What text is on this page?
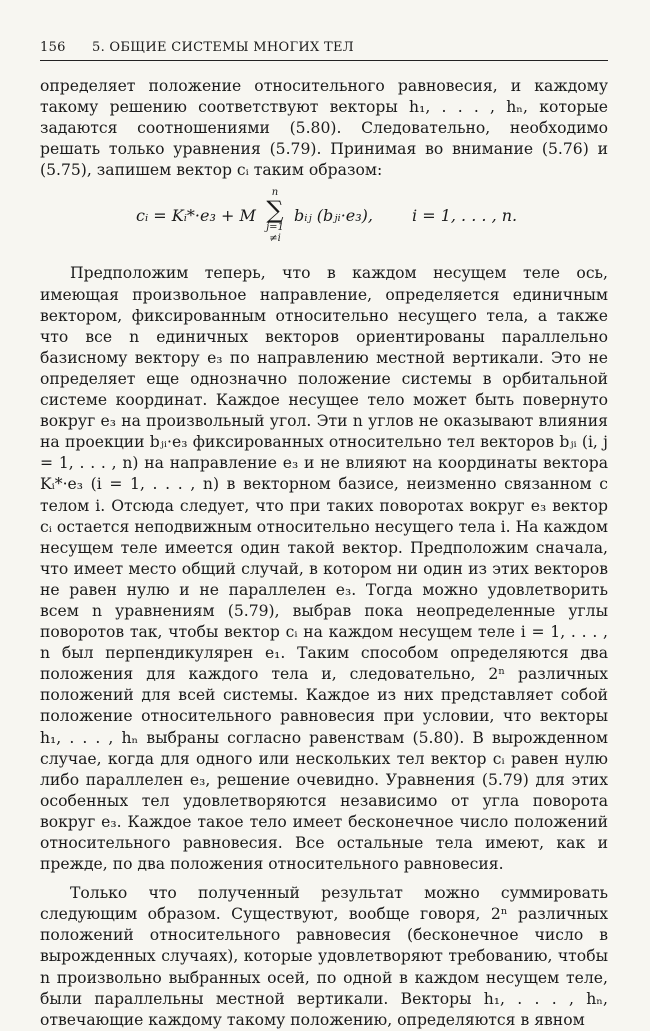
156 5. ОБЩИЕ СИСТЕМЫ МНОГИХ ТЕЛ

определяет положение относительного равновесия, и каждому такому решению соответствуют векторы h₁, . . . , hₙ, которые задаются соотношениями (5.80). Следовательно, необходимо решать только уравнения (5.79). Принимая во внимание (5.76) и (5.75), запишем вектор cᵢ таким образом:

cᵢ = Kᵢ*·e₃ + M
n
∑
j=1
≠i
bᵢⱼ (bⱼᵢ·e₃), i = 1, . . . , n.

Предположим теперь, что в каждом несущем теле ось, имеющая произвольное направление, определяется единичным вектором, фиксированным относительно несущего тела, а также что все n единичных векторов ориентированы параллельно базисному вектору e₃ по направлению местной вертикали. Это не определяет еще однозначно положение системы в орбитальной системе координат. Каждое несущее тело может быть повернуто вокруг e₃ на произвольный угол. Эти n углов не оказывают влияния на проекции bⱼᵢ·e₃ фиксированных относительно тел векторов bⱼᵢ (i, j = 1, . . . , n) на направление e₃ и не влияют на координаты вектора Kᵢ*·e₃ (i = 1, . . . , n) в векторном базисе, неизменно связанном с телом i. Отсюда следует, что при таких поворотах вокруг e₃ вектор cᵢ остается неподвижным относительно несущего тела i. На каждом несущем теле имеется один такой вектор. Предположим сначала, что имеет место общий случай, в котором ни один из этих векторов не равен нулю и не параллелен e₃. Тогда можно удовлетворить всем n уравнениям (5.79), выбрав пока неопределенные углы поворотов так, чтобы вектор cᵢ на каждом несущем теле i = 1, . . . , n был перпендикулярен e₁. Таким способом определяются два положения для каждого тела и, следовательно, 2ⁿ различных положений для всей системы. Каждое из них представляет собой положение относительного равновесия при условии, что векторы h₁, . . . , hₙ выбраны согласно равенствам (5.80). В вырожденном случае, когда для одного или нескольких тел вектор cᵢ равен нулю либо параллелен e₃, решение очевидно. Уравнения (5.79) для этих особенных тел удовлетворяются независимо от угла поворота вокруг e₃. Каждое такое тело имеет бесконечное число положений относительного равновесия. Все остальные тела имеют, как и прежде, по два положения относительного равновесия.

Только что полученный результат можно суммировать следующим образом. Существуют, вообще говоря, 2ⁿ различных положений относительного равновесия (бесконечное число в вырожденных случаях), которые удовлетворяют требованию, чтобы n произвольно выбранных осей, по одной в каждом несущем теле, были параллельны местной вертикали. Векторы h₁, . . . , hₙ, отвечающие каждому такому положению, определяются в явном
